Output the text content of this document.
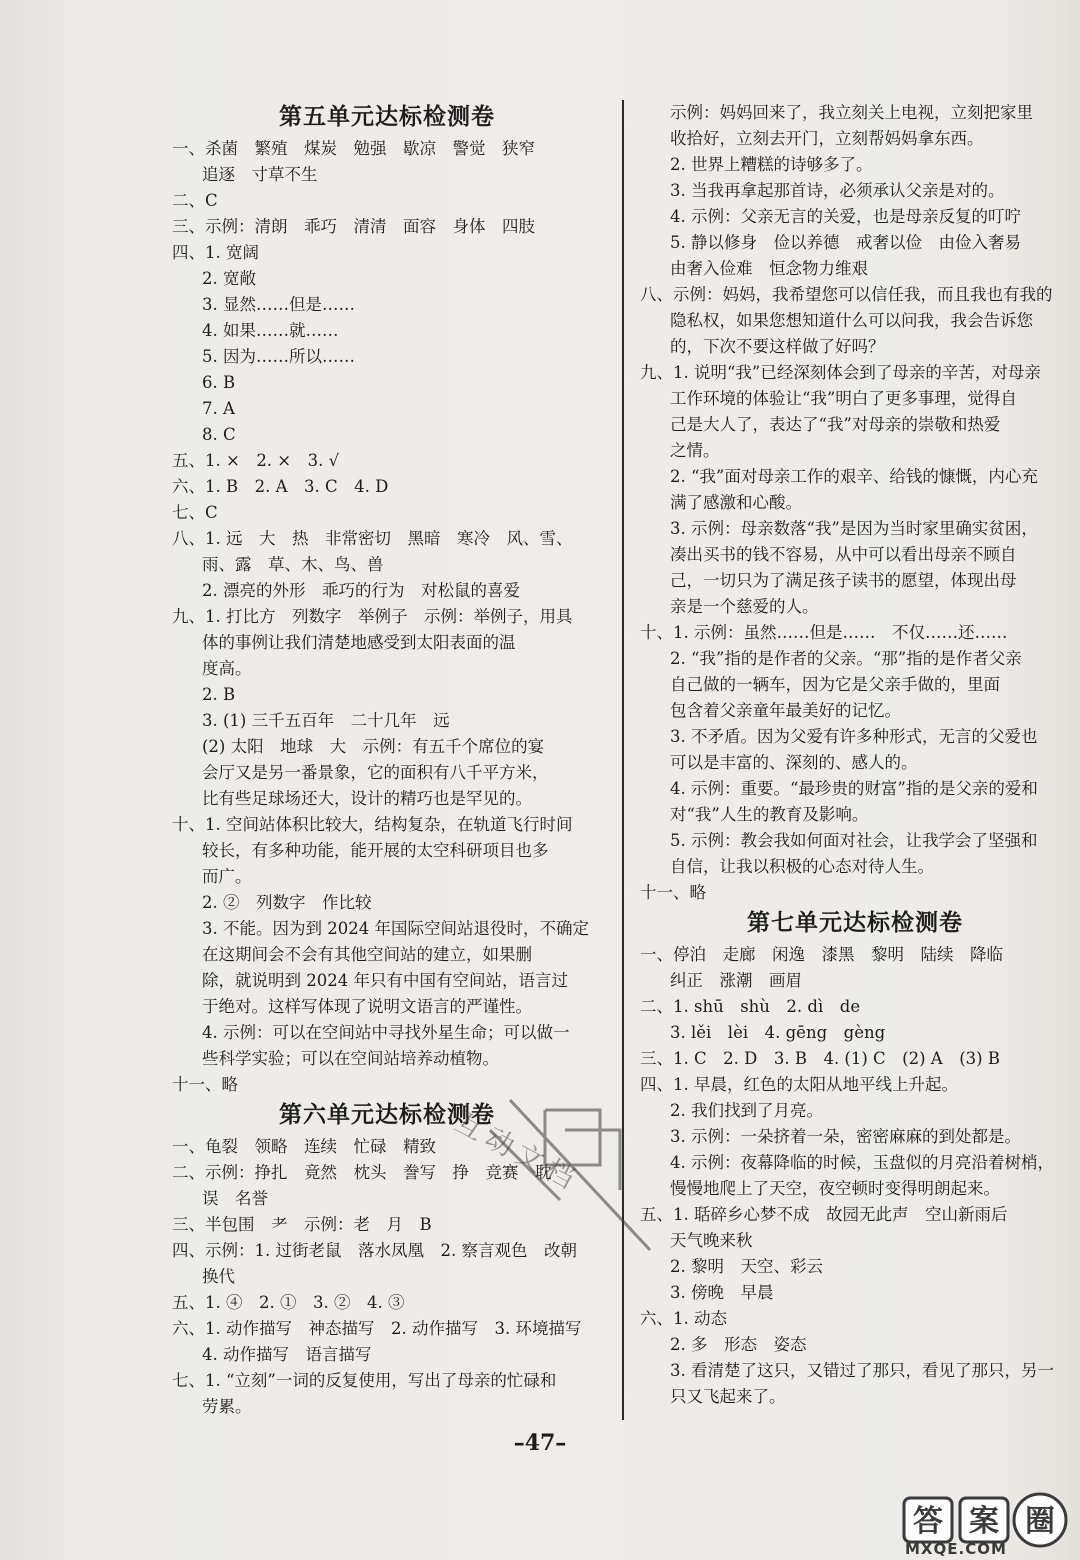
第五单元达标检测卷
一、杀菌　繁殖　煤炭　勉强　歇凉　警觉　狭窄
追逐　寸草不生
二、C
三、示例：清朗　乖巧　清清　面容　身体　四肢
四、1. 宽阔
2. 宽敞
3. 显然……但是……
4. 如果……就……
5. 因为……所以……
6. B
7. A
8. C
五、1. ×　2. ×　3. √
六、1. B　2. A　3. C　4. D
七、C
八、1. 远　大　热　非常密切　黑暗　寒冷　风、雪、
雨、露　草、木、鸟、兽
2. 漂亮的外形　乖巧的行为　对松鼠的喜爱
九、1. 打比方　列数字　举例子　示例：举例子，用具
体的事例让我们清楚地感受到太阳表面的温
度高。
2. B
3. (1) 三千五百年　二十几年　远
(2) 太阳　地球　大　示例：有五千个席位的宴
会厅又是另一番景象，它的面积有八千平方米，
比有些足球场还大，设计的精巧也是罕见的。
十、1. 空间站体积比较大，结构复杂，在轨道飞行时间
较长，有多种功能，能开展的太空科研项目也多
而广。
2. ②　列数字　作比较
3. 不能。因为到 2024 年国际空间站退役时，不确定
在这期间会不会有其他空间站的建立，如果删
除，就说明到 2024 年只有中国有空间站，语言过
于绝对。这样写体现了说明文语言的严谨性。
4. 示例：可以在空间站中寻找外星生命；可以做一
些科学实验；可以在空间站培养动植物。
十一、略
第六单元达标检测卷
一、龟裂　领略　连续　忙碌　精致
二、示例：挣扎　竟然　枕头　誊写　挣　竞赛　耽
误　名誉
三、半包围　耂　示例：老　月　B
四、示例：1. 过街老鼠　落水凤凰　2. 察言观色　改朝
换代
五、1. ④　2. ①　3. ②　4. ③
六、1. 动作描写　神态描写　2. 动作描写　3. 环境描写
4. 动作描写　语言描写
七、1. “立刻”一词的反复使用，写出了母亲的忙碌和
劳累。
示例：妈妈回来了，我立刻关上电视，立刻把家里
收拾好，立刻去开门，立刻帮妈妈拿东西。
2. 世界上糟糕的诗够多了。
3. 当我再拿起那首诗，必须承认父亲是对的。
4. 示例：父亲无言的关爱，也是母亲反复的叮咛
5. 静以修身　俭以养德　戒奢以俭　由俭入奢易
由奢入俭难　恒念物力维艰
八、示例：妈妈，我希望您可以信任我，而且我也有我的
隐私权，如果您想知道什么可以问我，我会告诉您
的，下次不要这样做了好吗？
九、1. 说明“我”已经深刻体会到了母亲的辛苦，对母亲
工作环境的体验让“我”明白了更多事理，觉得自
己是大人了，表达了“我”对母亲的崇敬和热爱
之情。
2. “我”面对母亲工作的艰辛、给钱的慷慨，内心充
满了感激和心酸。
3. 示例：母亲数落“我”是因为当时家里确实贫困，
凑出买书的钱不容易，从中可以看出母亲不顾自
己，一切只为了满足孩子读书的愿望，体现出母
亲是一个慈爱的人。
十、1. 示例：虽然……但是……　不仅……还……
2. “我”指的是作者的父亲。“那”指的是作者父亲
自己做的一辆车，因为它是父亲手做的，里面
包含着父亲童年最美好的记忆。
3. 不矛盾。因为父爱有许多种形式，无言的父爱也
可以是丰富的、深刻的、感人的。
4. 示例：重要。“最珍贵的财富”指的是父亲的爱和
对“我”人生的教育及影响。
5. 示例：教会我如何面对社会，让我学会了坚强和
自信，让我以积极的心态对待人生。
十一、略
第七单元达标检测卷
一、停泊　走廊　闲逸　漆黑　黎明　陆续　降临
纠正　涨潮　画眉
二、1. shū　shù　2. dì　de
3. lěi　lèi　4. gēng　gèng
三、1. C　2. D　3. B　4. (1) C　(2) A　(3) B
四、1. 早晨，红色的太阳从地平线上升起。
2. 我们找到了月亮。
3. 示例：一朵挤着一朵，密密麻麻的到处都是。
4. 示例：夜幕降临的时候，玉盘似的月亮沿着树梢，
慢慢地爬上了天空，夜空顿时变得明朗起来。
五、1. 聒碎乡心梦不成　故园无此声　空山新雨后
天气晚来秋
2. 黎明　天空、彩云
3. 傍晚　早晨
六、1. 动态
2. 多　形态　姿态
3. 看清楚了这只，又错过了那只，看见了那只，另一
只又飞起来了。
–47–
互动文档
答 案 圈
MXQE.COM
